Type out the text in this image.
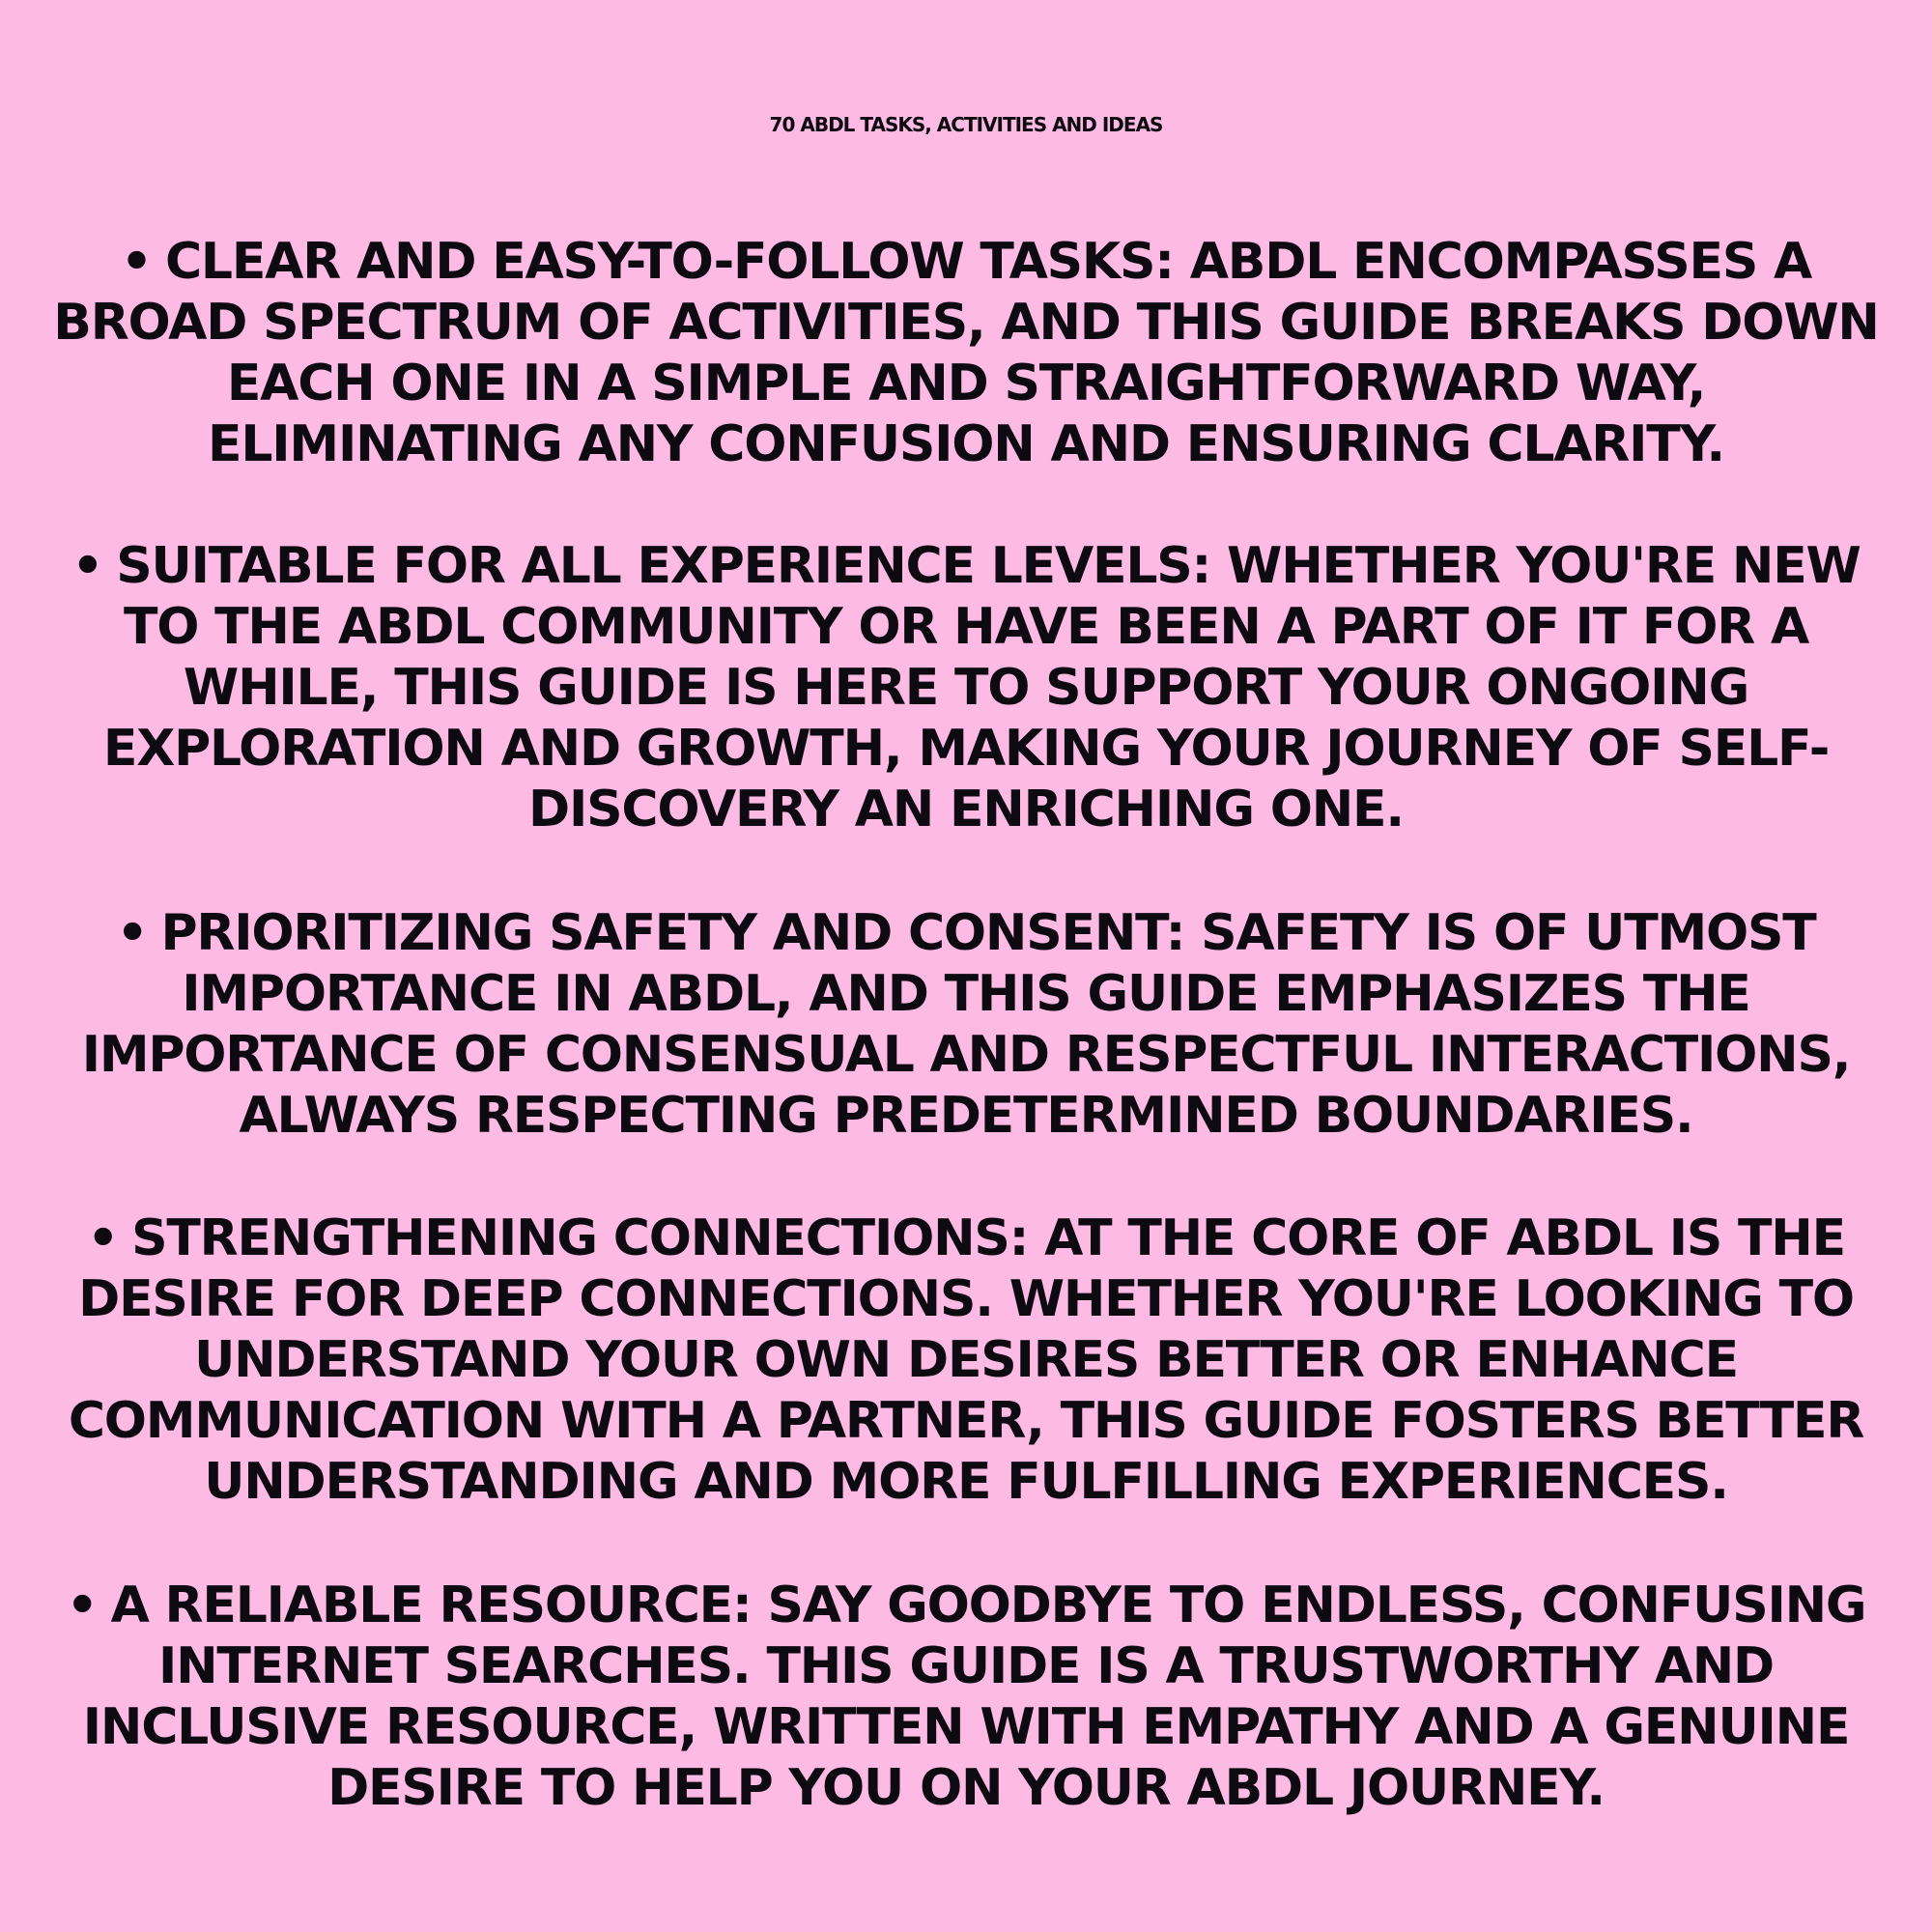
70 ABDL TASKS, ACTIVITIES AND IDEAS
• CLEAR AND EASY-TO-FOLLOW TASKS: ABDL ENCOMPASSES A
BROAD SPECTRUM OF ACTIVITIES, AND THIS GUIDE BREAKS DOWN
EACH ONE IN A SIMPLE AND STRAIGHTFORWARD WAY,
ELIMINATING ANY CONFUSION AND ENSURING CLARITY.
• SUITABLE FOR ALL EXPERIENCE LEVELS: WHETHER YOU'RE NEW
TO THE ABDL COMMUNITY OR HAVE BEEN A PART OF IT FOR A
WHILE, THIS GUIDE IS HERE TO SUPPORT YOUR ONGOING
EXPLORATION AND GROWTH, MAKING YOUR JOURNEY OF SELF-
DISCOVERY AN ENRICHING ONE.
• PRIORITIZING SAFETY AND CONSENT: SAFETY IS OF UTMOST
IMPORTANCE IN ABDL, AND THIS GUIDE EMPHASIZES THE
IMPORTANCE OF CONSENSUAL AND RESPECTFUL INTERACTIONS,
ALWAYS RESPECTING PREDETERMINED BOUNDARIES.
• STRENGTHENING CONNECTIONS: AT THE CORE OF ABDL IS THE
DESIRE FOR DEEP CONNECTIONS. WHETHER YOU'RE LOOKING TO
UNDERSTAND YOUR OWN DESIRES BETTER OR ENHANCE
COMMUNICATION WITH A PARTNER, THIS GUIDE FOSTERS BETTER
UNDERSTANDING AND MORE FULFILLING EXPERIENCES.
• A RELIABLE RESOURCE: SAY GOODBYE TO ENDLESS, CONFUSING
INTERNET SEARCHES. THIS GUIDE IS A TRUSTWORTHY AND
INCLUSIVE RESOURCE, WRITTEN WITH EMPATHY AND A GENUINE
DESIRE TO HELP YOU ON YOUR ABDL JOURNEY.
